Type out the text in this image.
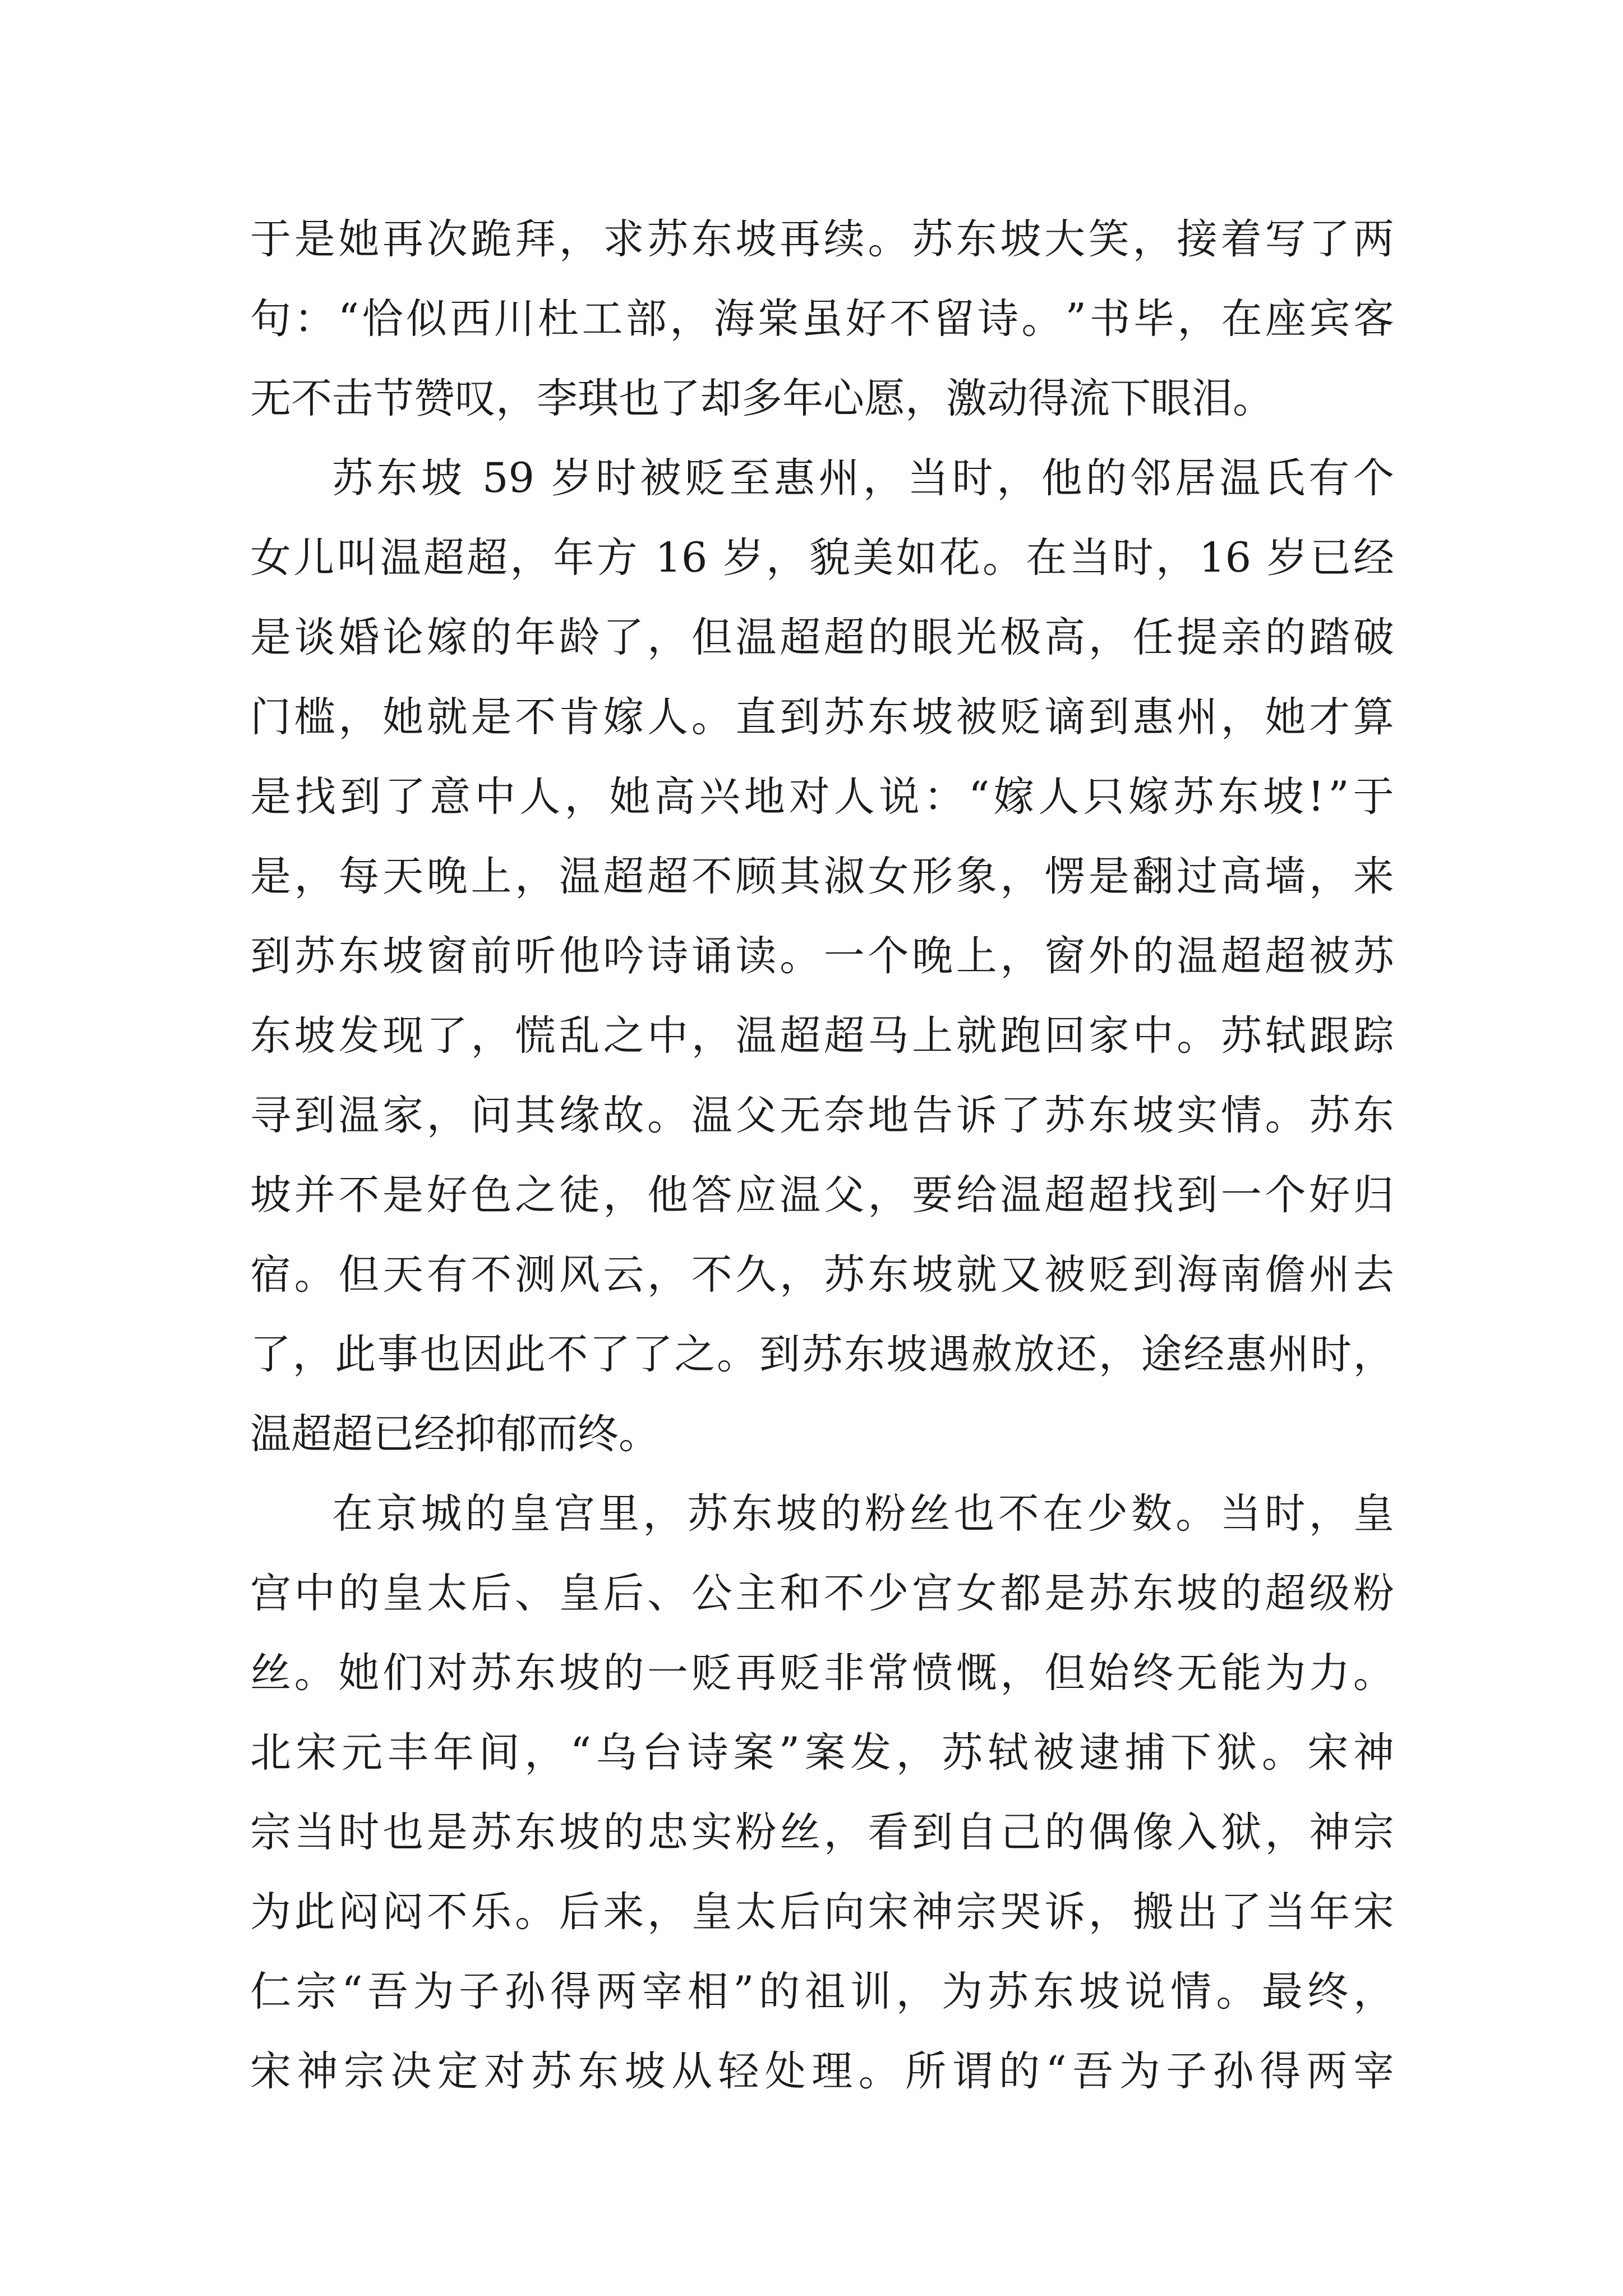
于 是 她 再 次 跪 拜 ， 求 苏 东 坡 再 续 。 苏 东 坡 大 笑 ， 接 着 写 了 两
句 ： “ 恰 似 西 川 杜 工 部 ， 海 棠 虽 好 不 留 诗 。 ” 书 毕 ， 在 座 宾 客
无不击节赞叹，李琪也了却多年心愿，激动得流下眼泪。
苏 东 坡
59 岁 时 被 贬 至 惠 州 ， 当 时 ， 他 的 邻 居 温 氏 有 个
女 儿 叫 温 超 超 ， 年 方
16 岁 ， 貌 美 如 花 。 在 当 时 ， 16 岁 已 经
是 谈 婚 论 嫁 的 年 龄 了 ， 但 温 超 超 的 眼 光 极 高 ， 任 提 亲 的 踏 破
门 槛 ， 她 就 是 不 肯 嫁 人 。 直 到 苏 东 坡 被 贬 谪 到 惠 州 ， 她 才 算
是 找 到 了 意 中 人 ， 她 高 兴 地 对 人 说 ： “ 嫁 人 只 嫁 苏 东 坡 ! ” 于
是 ， 每 天 晚 上 ， 温 超 超 不 顾 其 淑 女 形 象 ， 愣 是 翻 过 高 墙 ， 来
到 苏 东 坡 窗 前 听 他 吟 诗 诵 读 。 一 个 晚 上 ， 窗 外 的 温 超 超 被 苏
东 坡 发 现 了 ， 慌 乱 之 中 ， 温 超 超 马 上 就 跑 回 家 中 。 苏 轼 跟 踪
寻 到 温 家 ， 问 其 缘 故 。 温 父 无 奈 地 告 诉 了 苏 东 坡 实 情 。 苏 东
坡 并 不 是 好 色 之 徒 ， 他 答 应 温 父 ， 要 给 温 超 超 找 到 一 个 好 归
宿 。 但 天 有 不 测 风 云 ， 不 久 ， 苏 东 坡 就 又 被 贬 到 海 南 儋 州 去
了 ， 此 事 也 因 此 不 了 了 之 。 到 苏 东 坡 遇 赦 放 还 ， 途 经 惠 州 时 ，
温超超已经抑郁而终。
在 京 城 的 皇 宫 里 ， 苏 东 坡 的 粉 丝 也 不 在 少 数 。 当 时 ， 皇
宫 中 的 皇 太 后 、 皇 后 、 公 主 和 不 少 宫 女 都 是 苏 东 坡 的 超 级 粉
丝 。 她 们 对 苏 东 坡 的 一 贬 再 贬 非 常 愤 慨 ， 但 始 终 无 能 为 力 。
北 宋 元 丰 年 间 ， “ 乌 台 诗 案 ” 案 发 ， 苏 轼 被 逮 捕 下 狱 。 宋 神
宗 当 时 也 是 苏 东 坡 的 忠 实 粉 丝 ， 看 到 自 己 的 偶 像 入 狱 ， 神 宗
为 此 闷 闷 不 乐 。 后 来 ， 皇 太 后 向 宋 神 宗 哭 诉 ， 搬 出 了 当 年 宋
仁 宗 “ 吾 为 子 孙 得 两 宰 相 ” 的 祖 训 ， 为 苏 东 坡 说 情 。 最 终 ，
宋 神 宗 决 定 对 苏 东 坡 从 轻 处 理 。 所 谓 的 “ 吾 为 子 孙 得 两 宰
